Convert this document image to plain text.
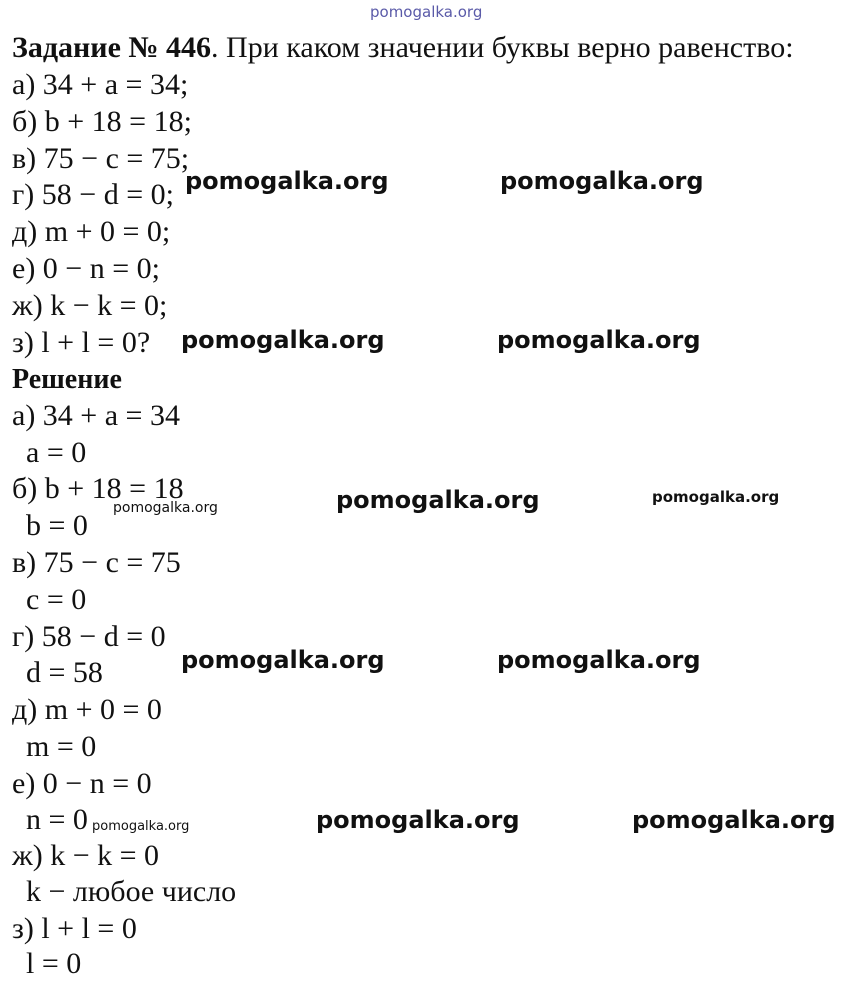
pomogalka.org
Задание № 446. При каком значении буквы верно равенство:
а) 34 + a = 34;
б) b + 18 = 18;
в) 75 − c = 75;
г) 58 − d = 0;
д) m + 0 = 0;
е) 0 − n = 0;
ж) k − k = 0;
з) l + l = 0?
Решение
а) 34 + a = 34
a = 0
б) b + 18 = 18
b = 0
в) 75 − c = 75
c = 0
г) 58 − d = 0
d = 58
д) m + 0 = 0
m = 0
е) 0 − n = 0
n = 0
ж) k − k = 0
k − любое число
з) l + l = 0
l = 0
pomogalka.org	pomogalka.org
pomogalka.org	pomogalka.org
pomogalka.org	pomogalka.org	pomogalka.org
pomogalka.org	pomogalka.org
pomogalka.org	pomogalka.org	pomogalka.org
